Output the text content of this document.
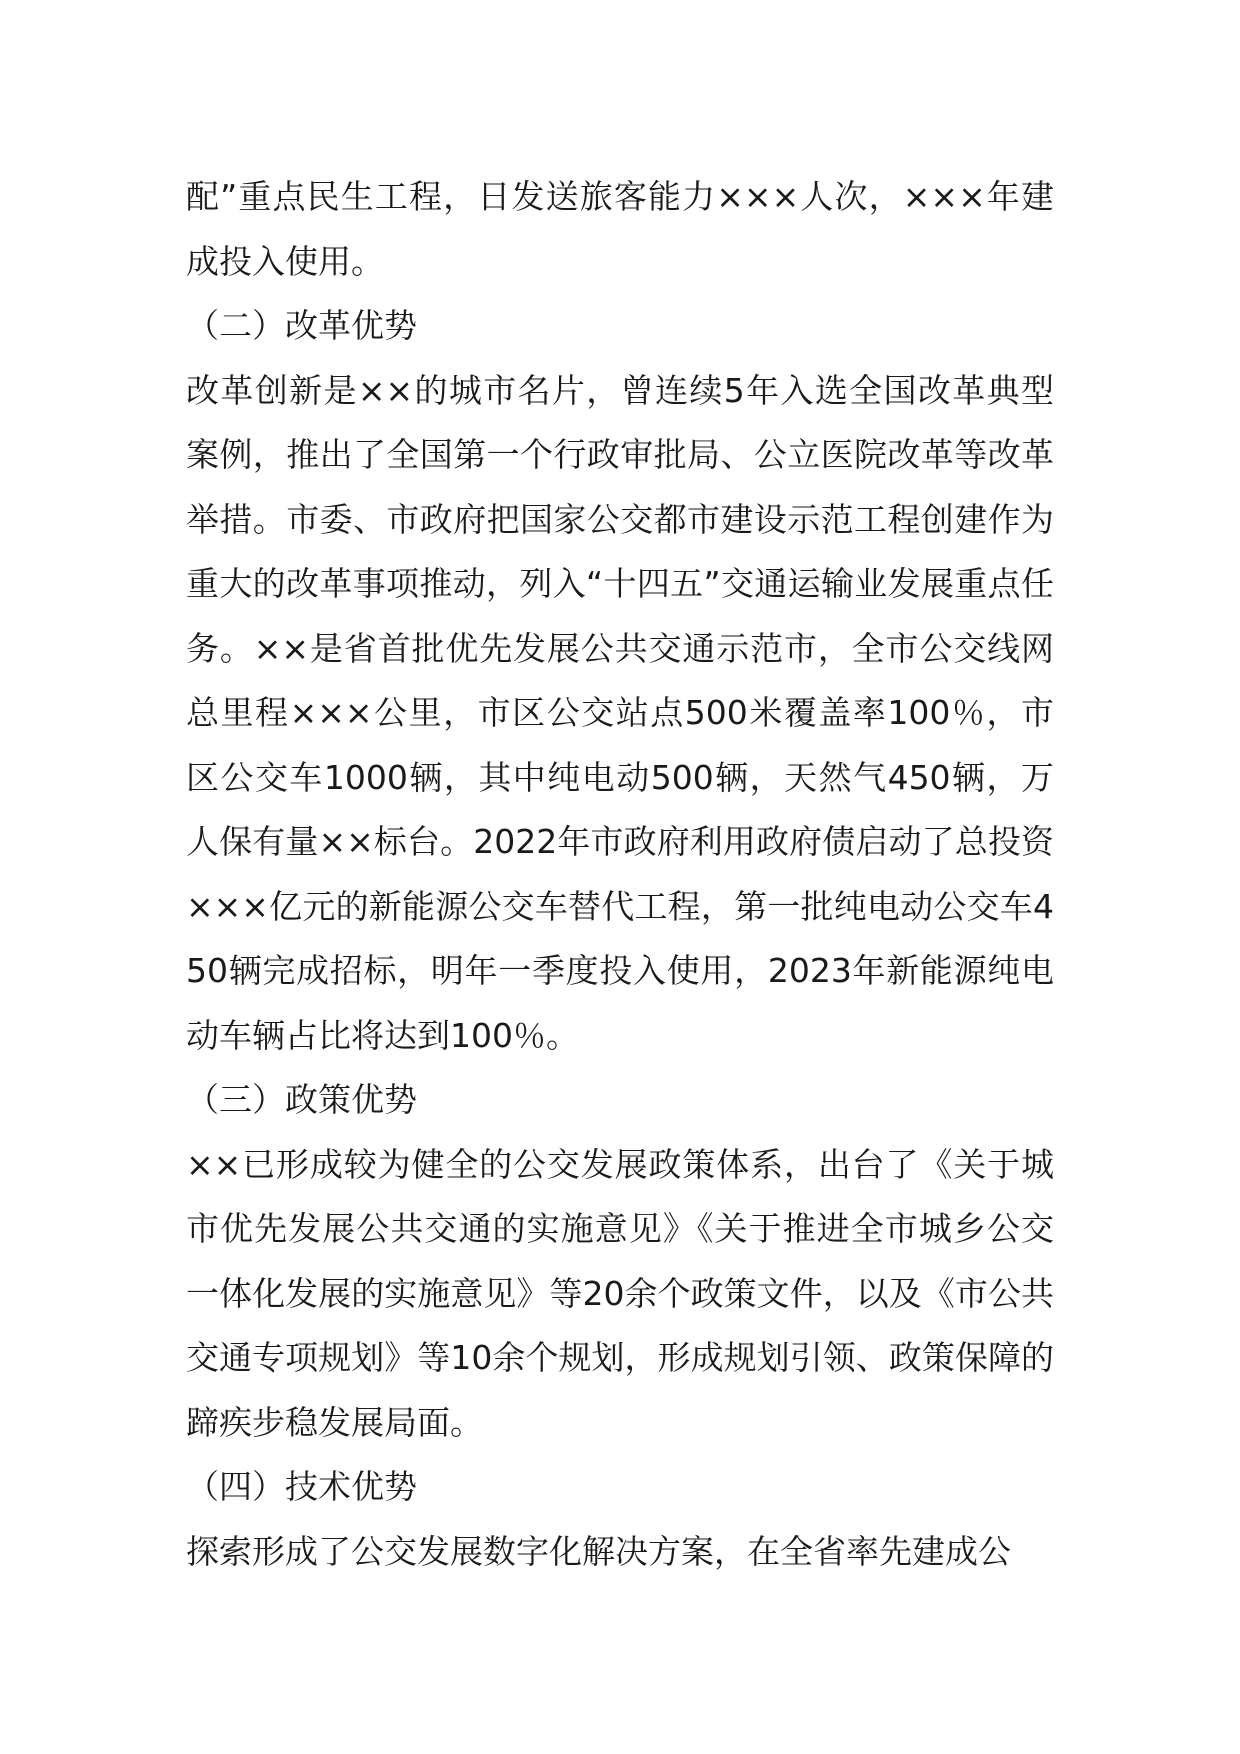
配”重点民生工程，日发送旅客能力×××人次，×××年建成投入使用。

（二）改革优势

改革创新是××的城市名片，曾连续5年入选全国改革典型案例，推出了全国第一个行政审批局、公立医院改革等改革举措。市委、市政府把国家公交都市建设示范工程创建作为重大的改革事项推动，列入“十四五”交通运输业发展重点任务。××是省首批优先发展公共交通示范市，全市公交线网总里程×××公里，市区公交站点500米覆盖率100％，市区公交车1000辆，其中纯电动500辆，天然气450辆，万人保有量××标台。2022年市政府利用政府债启动了总投资×××亿元的新能源公交车替代工程，第一批纯电动公交车450辆完成招标，明年一季度投入使用，2023年新能源纯电动车辆占比将达到100％。

（三）政策优势

××已形成较为健全的公交发展政策体系，出台了《关于城市优先发展公共交通的实施意见》《关于推进全市城乡公交一体化发展的实施意见》等20余个政策文件，以及《市公共交通专项规划》等10余个规划，形成规划引领、政策保障的蹄疾步稳发展局面。

（四）技术优势

探索形成了公交发展数字化解决方案，在全省率先建成公
